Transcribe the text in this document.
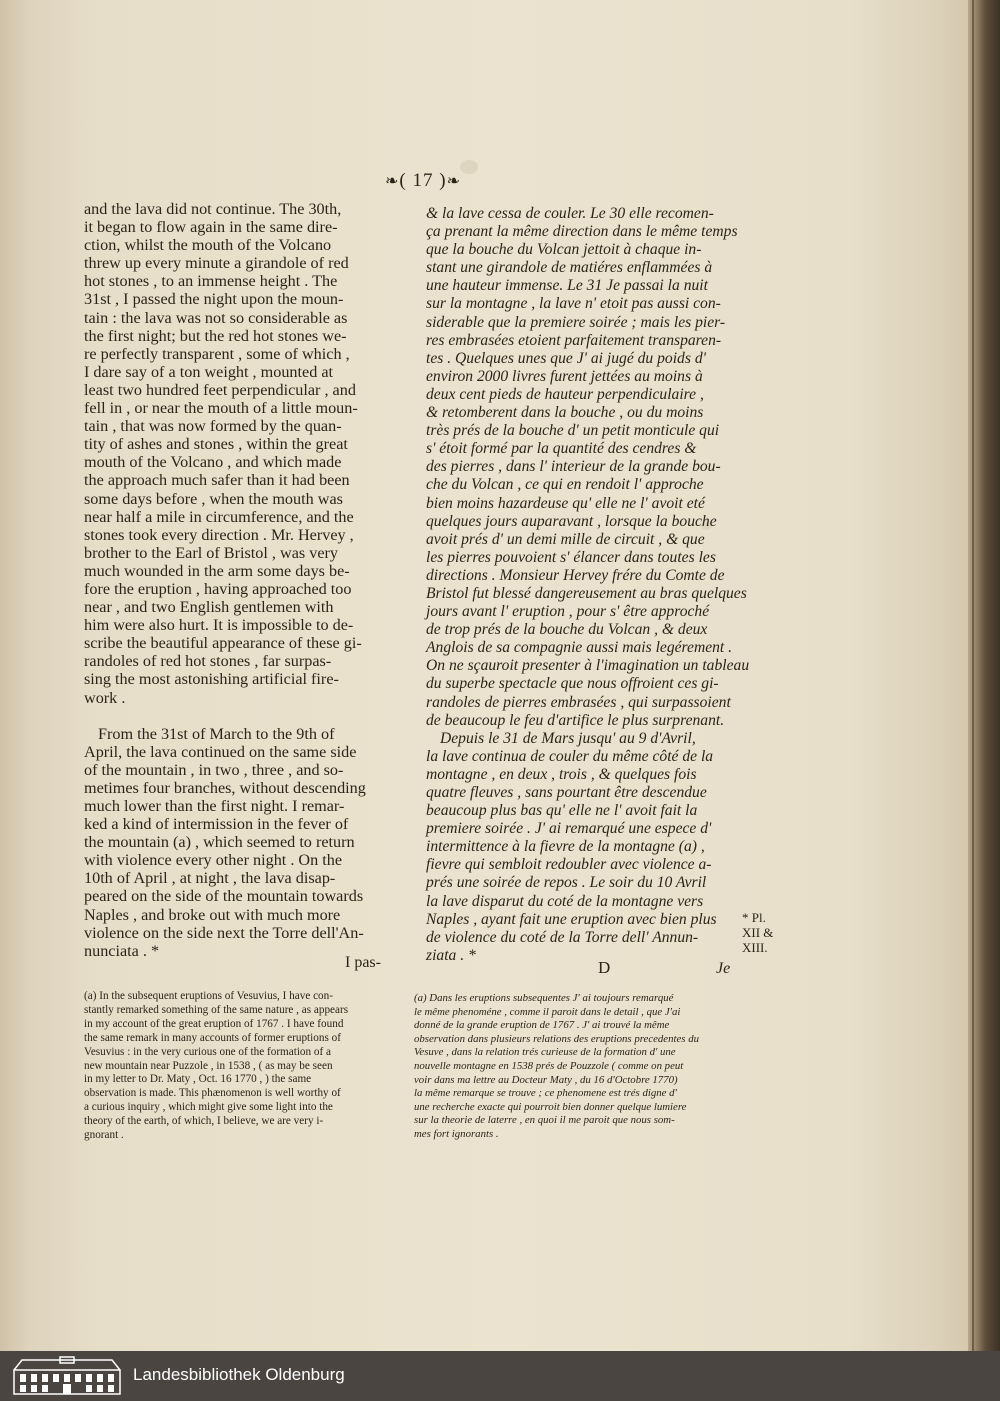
❧( 17 )❧
and the lava did not continue. The 30th,
it began to flow again in the same dire-
ction, whilst the mouth of the Volcano
threw up every minute a girandole of red
hot stones , to an immense height . The
31st , I passed the night upon the moun-
tain : the lava was not so considerable as
the first night; but the red hot stones we-
re perfectly transparent , some of which ,
I dare say of a ton weight , mounted at
least two hundred feet perpendicular , and
fell in , or near the mouth of a little moun-
tain , that was now formed by the quan-
tity of ashes and stones , within the great
mouth of the Volcano , and which made
the approach much safer than it had been
some days before , when the mouth was
near half a mile in circumference, and the
stones took every direction . Mr. Hervey ,
brother to the Earl of Bristol , was very
much wounded in the arm some days be-
fore the eruption , having approached too
near , and two English gentlemen with
him were also hurt. It is impossible to de-
scribe the beautiful appearance of these gi-
randoles of red hot stones , far surpas-
sing the most astonishing artificial fire-
work .
From the 31st of March to the 9th of
April, the lava continued on the same side
of the mountain , in two , three , and so-
metimes four branches, without descending
much lower than the first night. I remar-
ked a kind of intermission in the fever of
the mountain (a) , which seemed to return
with violence every other night . On the
10th of April , at night , the lava disap-
peared on the side of the mountain towards
Naples , and broke out with much more
violence on the side next the Torre dell'An-
nunciata . *
I pas-
& la lave cessa de couler. Le 30 elle recomen-
ça prenant la même direction dans le même temps
que la bouche du Volcan jettoit à chaque in-
stant une girandole de matiéres enflammées à
une hauteur immense. Le 31 Je passai la nuit
sur la montagne , la lave n' etoit pas aussi con-
siderable que la premiere soirée ; mais les pier-
res embrasées etoient parfaitement transparen-
tes . Quelques unes que J' ai jugé du poids d'
environ 2000 livres furent jettées au moins à
deux cent pieds de hauteur perpendiculaire ,
& retomberent dans la bouche , ou du moins
très prés de la bouche d' un petit monticule qui
s' étoit formé par la quantité des cendres &
des pierres , dans l' interieur de la grande bou-
che du Volcan , ce qui en rendoit l' approche
bien moins hazardeuse qu' elle ne l' avoit eté
quelques jours auparavant , lorsque la bouche
avoit prés d' un demi mille de circuit , & que
les pierres pouvoient s' élancer dans toutes les
directions . Monsieur Hervey frére du Comte de
Bristol fut blessé dangereusement au bras quelques
jours avant l' eruption , pour s' être approché
de trop prés de la bouche du Volcan , & deux
Anglois de sa compagnie aussi mais legérement .
On ne sçauroit presenter à l'imagination un tableau
du superbe spectacle que nous offroient ces gi-
randoles de pierres embrasées , qui surpassoient
de beaucoup le feu d'artifice le plus surprenant.
Depuis le 31 de Mars jusqu' au 9 d'Avril,
la lave continua de couler du même côté de la
montagne , en deux , trois , & quelques fois
quatre fleuves , sans pourtant être descendue
beaucoup plus bas qu' elle ne l' avoit fait la
premiere soirée . J' ai remarqué une espece d'
intermittence à la fievre de la montagne (a) ,
fievre qui sembloit redoubler avec violence a-
prés une soirée de repos . Le soir du 10 Avril
la lave disparut du coté de la montagne vers
Naples , ayant fait une eruption avec bien plus
de violence du coté de la Torre dell' Annun-
ziata . *
D	Je
* Pl.
XII &
XIII.
(a) In the subsequent eruptions of Vesuvius, I have con-
stantly remarked something of the same nature , as appears
in my account of the great eruption of 1767 . I have found
the same remark in many accounts of former eruptions of
Vesuvius : in the very curious one of the formation of a
new mountain near Puzzole , in 1538 , ( as may be seen
in my letter to Dr. Maty , Oct. 16 1770 , ) the same
observation is made. This phænomenon is well worthy of
a curious inquiry , which might give some light into the
theory of the earth, of which, I believe, we are very i-
gnorant .
(a) Dans les eruptions subsequentes J' ai toujours remarqué
le même phenoméne , comme il paroit dans le detail , que J'ai
donné de la grande eruption de 1767 . J' ai trouvé la même
observation dans plusieurs relations des eruptions precedentes du
Vesuve , dans la relation trés curieuse de la formation d' une
nouvelle montagne en 1538 prés de Pouzzole ( comme on peut
voir dans ma lettre au Docteur Maty , du 16 d'Octobre 1770)
la même remarque se trouve ; ce phenomene est trés digne d'
une recherche exacte qui pourroit bien donner quelque lumiere
sur la theorie de laterre , en quoi il me paroit que nous som-
mes fort ignorants .
Landesbibliothek Oldenburg
